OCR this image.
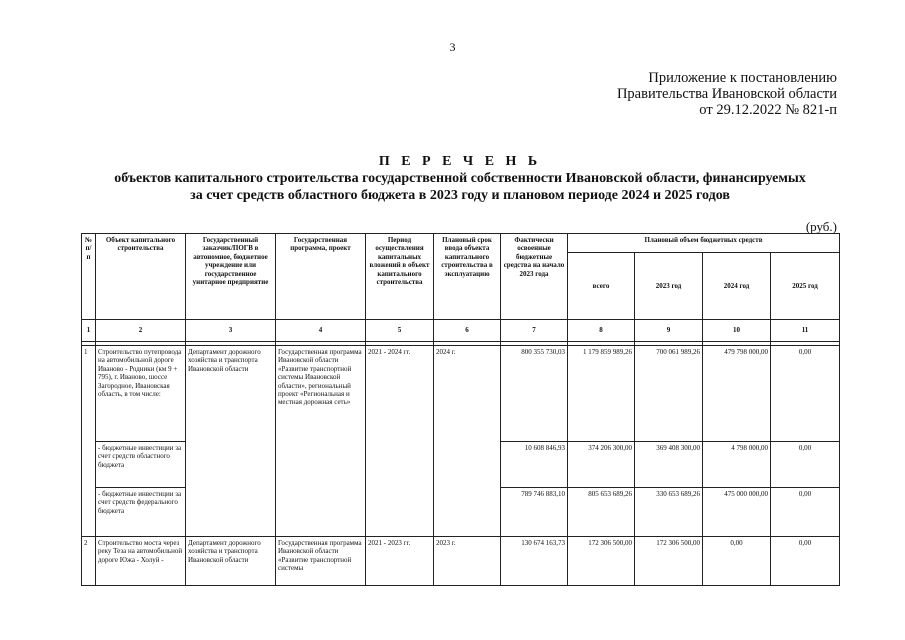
3
Приложение к постановлению
Правительства Ивановской области
от 29.12.2022 № 821-п
П Е Р Е Ч Е Н Ь
объектов капитального строительства государственной собственности Ивановской области, финансируемых
за счет средств областного бюджета в 2023 году и плановом периоде 2024 и 2025 годов
(руб.)
№ п/п	Объект капитального строительства	Государственный заказчик/ПОГВ в автономное, бюджетное учреждение или государственное унитарное предприятие	Государственная программа, проект	Период осуществления капитальных вложений в объект капитального строительства	Плановый срок ввода объекта капитального строительства в эксплуатацию	Фактически освоенные бюджетные средства на начало 2023 года	Плановый объем бюджетных средств			
							всего	2023 год	2024 год	2025 год
1	2	3	4	5	6	7	8	9	10	11

1	Строительство путепровода на автомобильной дороге Иваново - Родники (км 9 + 795), г. Иваново, шоссе Загородное, Ивановская область, в том числе:	Департамент дорожного хозяйства и транспорта Ивановской области	Государственная программа Ивановской области «Развитие транспортной системы Ивановской области», региональный проект «Региональная и местная дорожная сеть»	2021 - 2024 гг.	2024 г.	800 355 730,03	1 179 859 989,26	700 061 989,26	479 798 000,00	0,00
	- бюджетные инвестиции за счет средств областного бюджета					10 608 846,93	374 206 300,00	369 408 300,00	4 798 000,00	0,00
	- бюджетные инвестиции за счет средств федерального бюджета					789 746 883,10	805 653 689,26	330 653 689,26	475 000 000,00	0,00
2	Строительство моста через реку Теза на автомобильной дороге Южа - Холуй -	Департамент дорожного хозяйства и транспорта Ивановской области	Государственная программа Ивановской области «Развитие транспортной системы	2021 - 2023 гг.	2023 г.	130 674 163,73	172 306 500,00	172 306 500,00	0,00	0,00
